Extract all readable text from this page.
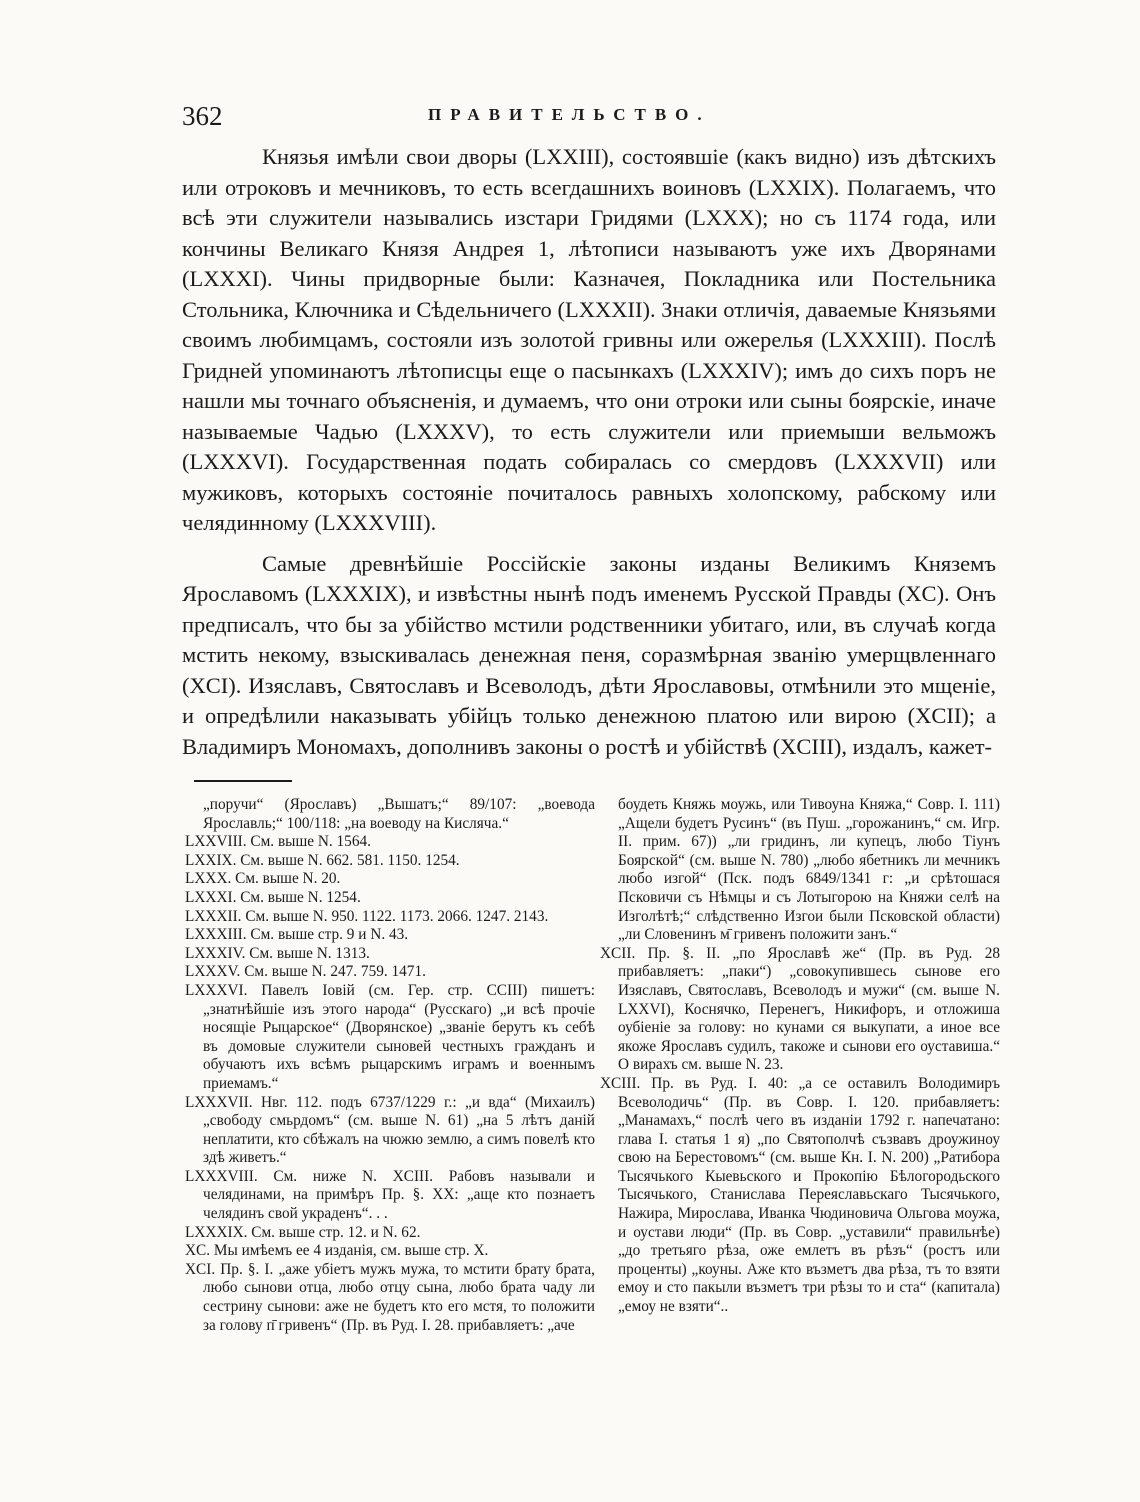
362	ПРАВИТЕЛЬСТВО.

Князья имѣли свои дворы (LXXIII), состоявшіе (какъ видно) изъ дѣтскихъ или отроковъ и мечниковъ, то есть всегдашнихъ воиновъ (LXXIX). Полагаемъ, что всѣ эти служители назывались изстари Гридями (LXXX); но съ 1174 года, или кончины Великаго Князя Андрея 1, лѣтописи называютъ уже ихъ Дворянами (LXXXI). Чины придворные были: Казначея, Покладника или Постельника Стольника, Ключника и Сѣдельничего (LXXXII). Знаки отличія, даваемые Князьями своимъ любимцамъ, состояли изъ золотой гривны или ожерелья (LXXXIII). Послѣ Гридней упоминаютъ лѣтописцы еще о пасынкахъ (LXXXIV); имъ до сихъ поръ не нашли мы точнаго объясненія, и думаемъ, что они отроки или сыны боярскіе, иначе называемые Чадью (LXXXV), то есть служители или приемыши вельможъ (LXXXVI). Государственная подать собиралась со смердовъ (LXXXVII) или мужиковъ, которыхъ состояніе почиталось равныхъ холопскому, рабскому или челядинному (LXXXVIII).

Самые древнѣйшіе Россійскіе законы изданы Великимъ Княземъ Ярославомъ (LXXXIX), и извѣстны нынѣ подъ именемъ Русской Правды (XC). Онъ предписалъ, что бы за убійство мстили родственники убитаго, или, въ случаѣ когда мстить некому, взыскивалась денежная пеня, соразмѣрная званію умерщвленнаго (XCI). Изяславъ, Святославъ и Всеволодъ, дѣти Ярославовы, отмѣнили это мщеніе, и опредѣлили наказывать убійцъ только денежною платою или вирою (XCII); а Владимиръ Мономахъ, дополнивъ законы о ростѣ и убійствѣ (XCIII), издалъ, кажет-

„поручи“ (Ярославъ) „Вышатъ;“ 89/107: „воевода Ярославль;“ 100/118: „на воеводу на Кисляча.“
LXXVIII. См. выше N. 1564.
LXXIX. См. выше N. 662. 581. 1150. 1254.
LXXX. См. выше N. 20.
LXXXI. См. выше N. 1254.
LXXXII. См. выше N. 950. 1122. 1173. 2066. 1247. 2143.
LXXXIII. См. выше стр. 9 и N. 43.
LXXXIV. См. выше N. 1313.
LXXXV. См. выше N. 247. 759. 1471.
LXXXVI. Павелъ Іовій (см. Гер. стр. CCIII) пишетъ: „знатнѣйшіе изъ этого народа“ (Русскаго) „и всѣ прочіе носящіе Рыцарское“ (Дворянское) „званіе берутъ къ себѣ въ домовые служители сыновей честныхъ гражданъ и обучаютъ ихъ всѣмъ рыцарскимъ играмъ и военнымъ приемамъ.“
LXXXVII. Нвг. 112. подъ 6737/1229 г.: „и вда“ (Михаилъ) „свободу смьрдомъ“ (см. выше N. 61) „на 5 лѣтъ даній неплатити, кто сбѣжалъ на чюжю землю, а симъ повелѣ кто здѣ живетъ.“
LXXXVIII. См. ниже N. XCIII. Рабовъ называли и челядинами, на примѣръ Пр. §. XX: „аще кто познаетъ челядинъ свой украденъ“. . .
LXXXIX. См. выше стр. 12. и N. 62.
XC. Мы имѣемъ ее 4 изданія, см. выше стр. X.
XCI. Пр. §. I. „аже убіетъ мужъ мужа, то мстити брату брата, любо сынови отца, любо отцу сына, любо брата чаду ли сестрину сынови: аже не будетъ кто его мстя, то положити за голову п̄ гривенъ“ (Пр. въ Руд. I. 28. прибавляетъ: „аче
боудеть Княжь моужь, или Тивоуна Княжа,“ Совр. I. 111) „Ащели будетъ Русинъ“ (въ Пуш. „горожанинъ,“ см. Игр. II. прим. 67)) „ли гридинъ, ли купецъ, любо Тіунъ Боярской“ (см. выше N. 780) „любо ябетникъ ли мечникъ любо изгой“ (Пск. подъ 6849/1341 г: „и срѣтошася Псковичи съ Нѣмцы и съ Лотыгорою на Княжи селѣ на Изголѣтѣ;“ слѣдственно Изгои были Псковской области) „ли Словенинъ м̄ гривенъ положити занъ.“
XCII. Пр. §. II. „по Ярославѣ же“ (Пр. въ Руд. 28 прибавляетъ: „паки“) „совокупившесь сынове его Изяславъ, Святославъ, Всеволодъ и мужи“ (см. выше N. LXXVI), Коснячко, Перенегъ, Никифоръ, и отложиша оубіеніе за голову: но кунами ся выкупати, а иное все якоже Ярославъ судилъ, такоже и сынови его оуставиша.“ О вирахъ см. выше N. 23.
XCIII. Пр. въ Руд. I. 40: „а се оставилъ Володимиръ Всеволодичь“ (Пр. въ Совр. I. 120. прибавляетъ: „Манамахъ,“ послѣ чего въ изданіи 1792 г. напечатано: глава I. статья 1 я) „по Святополчѣ съзвавъ дроужиноу свою на Берестовомъ“ (см. выше Кн. I. N. 200) „Ратибора Тысячького Кыевьского и Прокопію Бѣлогородьского Тысячького, Станислава Переяславьскаго Тысячького, Нажира, Мирослава, Иванка Чюдиновича Ольгова моужа, и оустави люди“ (Пр. въ Совр. „уставили“ правильнѣе) „до третьяго рѣза, оже емлетъ въ рѣзъ“ (ростъ или проценты) „коуны. Аже кто възметъ два рѣза, тъ то взяти емоу и сто пакыли възметъ три рѣзы то и ста“ (капитала) „емоу не взяти“..
